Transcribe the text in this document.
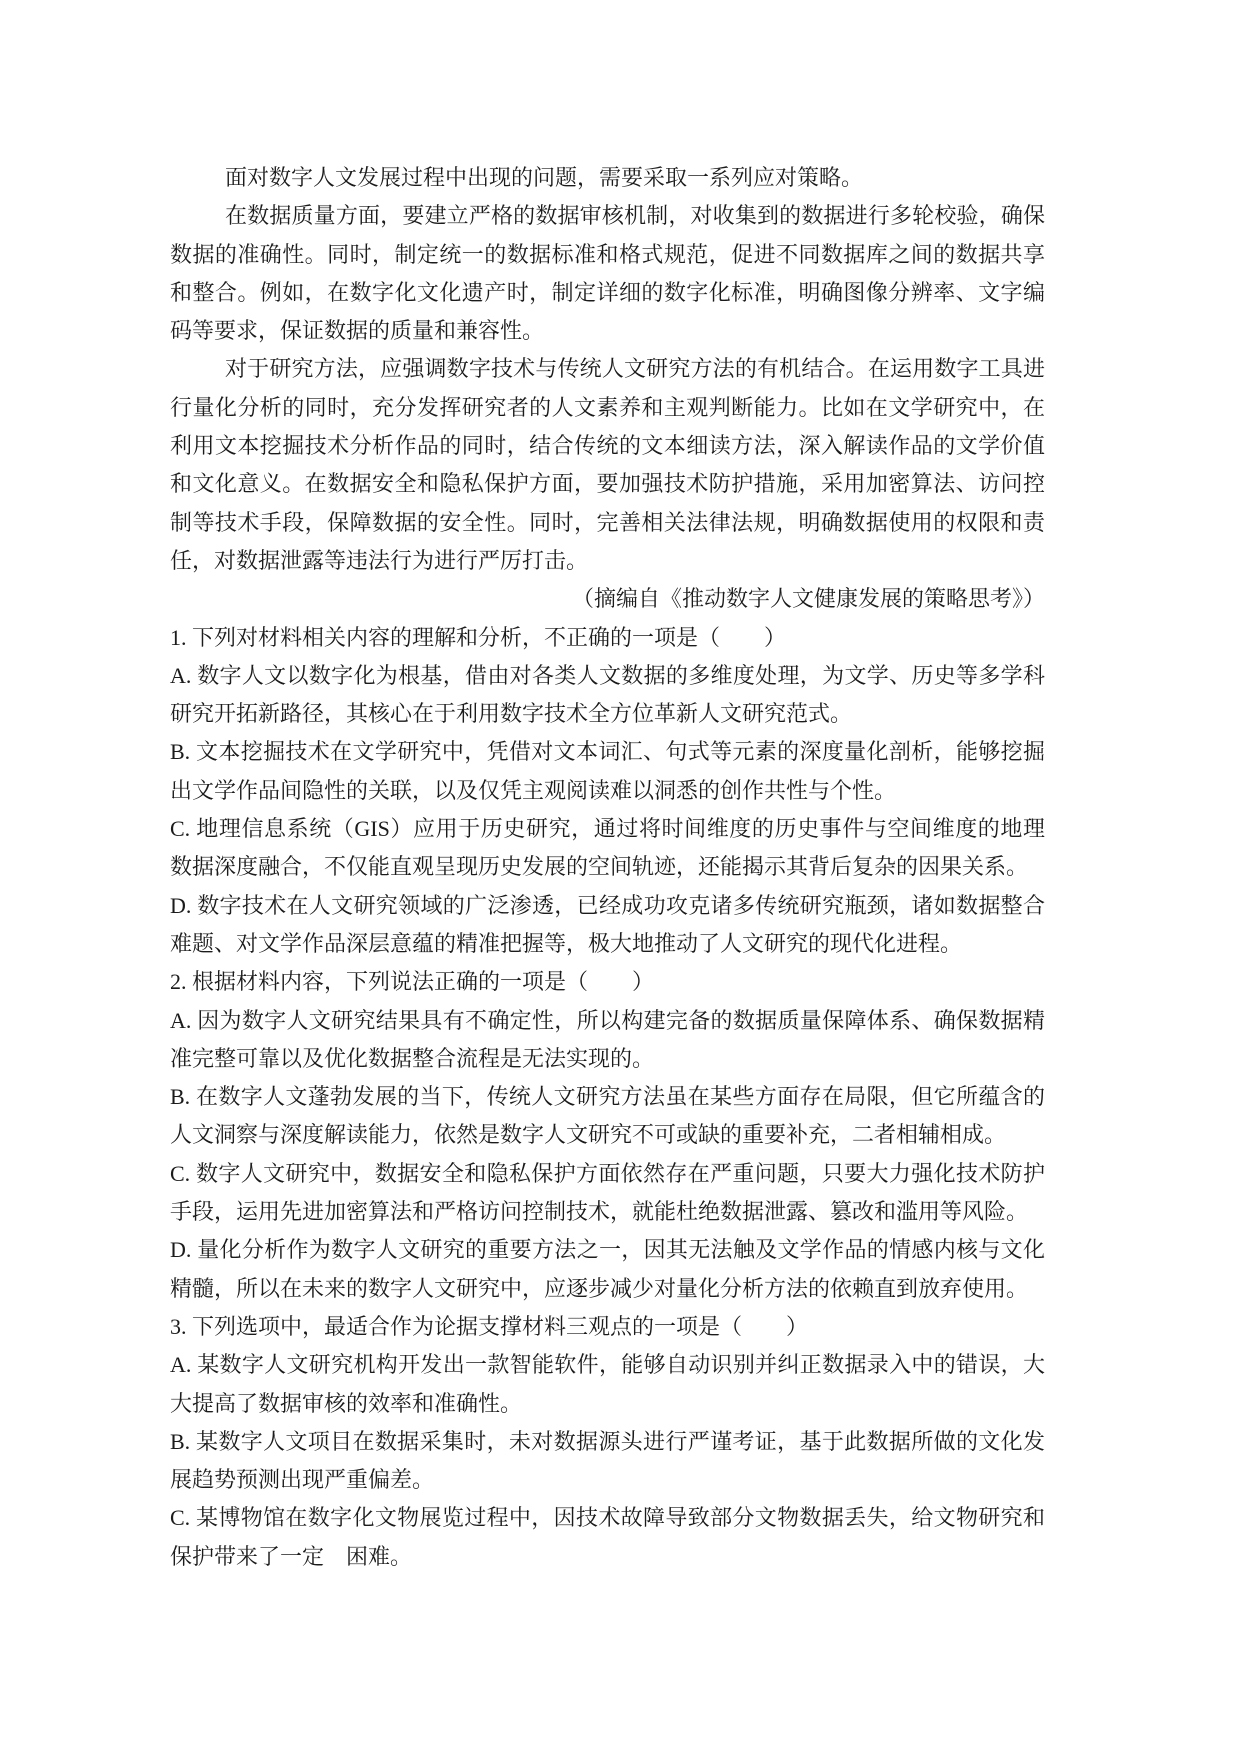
面对数字人文发展过程中出现的问题，需要采取一系列应对策略。

在数据质量方面，要建立严格的数据审核机制，对收集到的数据进行多轮校验，确保数据的准确性。同时，制定统一的数据标准和格式规范，促进不同数据库之间的数据共享和整合。例如，在数字化文化遗产时，制定详细的数字化标准，明确图像分辨率、文字编码等要求，保证数据的质量和兼容性。

对于研究方法，应强调数字技术与传统人文研究方法的有机结合。在运用数字工具进行量化分析的同时，充分发挥研究者的人文素养和主观判断能力。比如在文学研究中，在利用文本挖掘技术分析作品的同时，结合传统的文本细读方法，深入解读作品的文学价值和文化意义。在数据安全和隐私保护方面，要加强技术防护措施，采用加密算法、访问控制等技术手段，保障数据的安全性。同时，完善相关法律法规，明确数据使用的权限和责任，对数据泄露等违法行为进行严厉打击。

（摘编自《推动数字人文健康发展的策略思考》）

1. 下列对材料相关内容的理解和分析，不正确的一项是（　　）

A. 数字人文以数字化为根基，借由对各类人文数据的多维度处理，为文学、历史等多学科研究开拓新路径，其核心在于利用数字技术全方位革新人文研究范式。

B. 文本挖掘技术在文学研究中，凭借对文本词汇、句式等元素的深度量化剖析，能够挖掘出文学作品间隐性的关联，以及仅凭主观阅读难以洞悉的创作共性与个性。

C. 地理信息系统（GIS）应用于历史研究，通过将时间维度的历史事件与空间维度的地理数据深度融合，不仅能直观呈现历史发展的空间轨迹，还能揭示其背后复杂的因果关系。

D. 数字技术在人文研究领域的广泛渗透，已经成功攻克诸多传统研究瓶颈，诸如数据整合难题、对文学作品深层意蕴的精准把握等，极大地推动了人文研究的现代化进程。

2. 根据材料内容，下列说法正确的一项是（　　）

A. 因为数字人文研究结果具有不确定性，所以构建完备的数据质量保障体系、确保数据精准完整可靠以及优化数据整合流程是无法实现的。

B. 在数字人文蓬勃发展的当下，传统人文研究方法虽在某些方面存在局限，但它所蕴含的人文洞察与深度解读能力，依然是数字人文研究不可或缺的重要补充，二者相辅相成。

C. 数字人文研究中，数据安全和隐私保护方面依然存在严重问题，只要大力强化技术防护手段，运用先进加密算法和严格访问控制技术，就能杜绝数据泄露、篡改和滥用等风险。

D. 量化分析作为数字人文研究的重要方法之一，因其无法触及文学作品的情感内核与文化精髓，所以在未来的数字人文研究中，应逐步减少对量化分析方法的依赖直到放弃使用。

3. 下列选项中，最适合作为论据支撑材料三观点的一项是（　　）

A. 某数字人文研究机构开发出一款智能软件，能够自动识别并纠正数据录入中的错误，大大提高了数据审核的效率和准确性。

B. 某数字人文项目在数据采集时，未对数据源头进行严谨考证，基于此数据所做的文化发展趋势预测出现严重偏差。

C. 某博物馆在数字化文物展览过程中，因技术故障导致部分文物数据丢失，给文物研究和保护带来了一定　困难。
